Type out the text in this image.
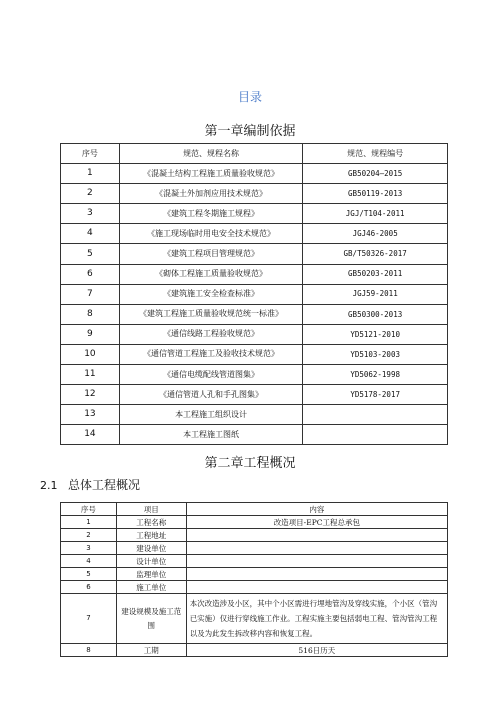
目录
第一章编制依据
序号	规范、规程名称	规范、规程编号
1	《混凝土结构工程施工质量验收规范》	GB50204—2015
2	《混凝土外加剂应用技术规范》	GB50119-2013
3	《建筑工程冬期施工规程》	JGJ/T104-2011
4	《施工现场临时用电安全技术规范》	JGJ46-2005
5	《建筑工程项目管理规范》	GB/T50326-2017
6	《砌体工程施工质量验收规范》	GB50203-2011
7	《建筑施工安全检查标准》	JGJ59-2011
8	《建筑工程施工质量验收规范统一标准》	GB50300-2013
9	《通信线路工程验收规范》	YD5121-2010
10	《通信管道工程施工及验收技术规范》	YD5103-2003
11	《通信电缆配线管道图集》	YD5062-1998
12	《通信管道人孔和手孔图集》	YD5178-2017
13	本工程施工组织设计	
14	本工程施工图纸	
第二章工程概况
2.1 总体工程概况
序号	项目	内容
1	工程名称	改造项目-EPC工程总承包
2	工程地址	
3	建设单位	
4	设计单位	
5	监理单位	
6	施工单位	
7	建设规模及施工范围	本次改造涉及小区，其中个小区需进行埋地管沟及穿线实施，个小区（管沟已实施）仅进行穿线施工作业。工程实施主要包括弱电工程、管沟管沟工程以及为此发生拆改移内容和恢复工程。
8	工期	516日历天
